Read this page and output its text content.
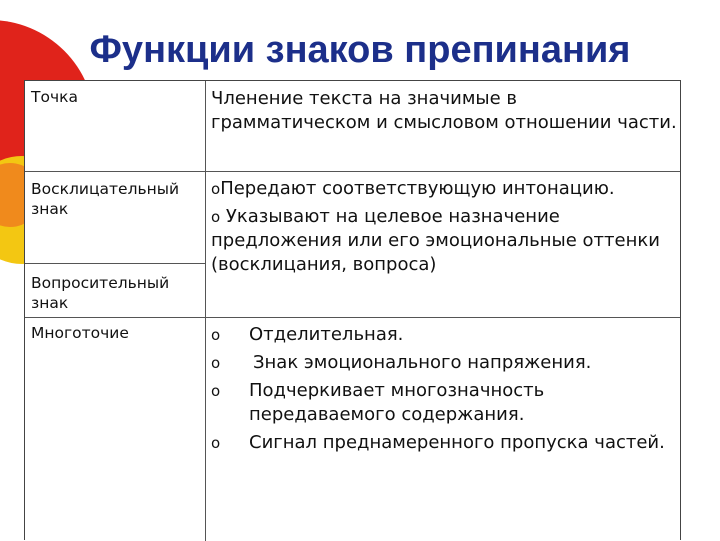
Функции знаков препинания
Точка	Членение текста на значимые в грамматическом и смысловом отношении части.
Восклицательный знак
Вопросительный знак
oПередают соответствующую интонацию.
o Указывают на целевое назначение предложения или его эмоциональные оттенки (восклицания, вопроса)
Многоточие	o Отделительная.
o Знак эмоционального напряжения.
o Подчеркивает многозначность передаваемого содержания.
o Сигнал преднамеренного пропуска частей.
